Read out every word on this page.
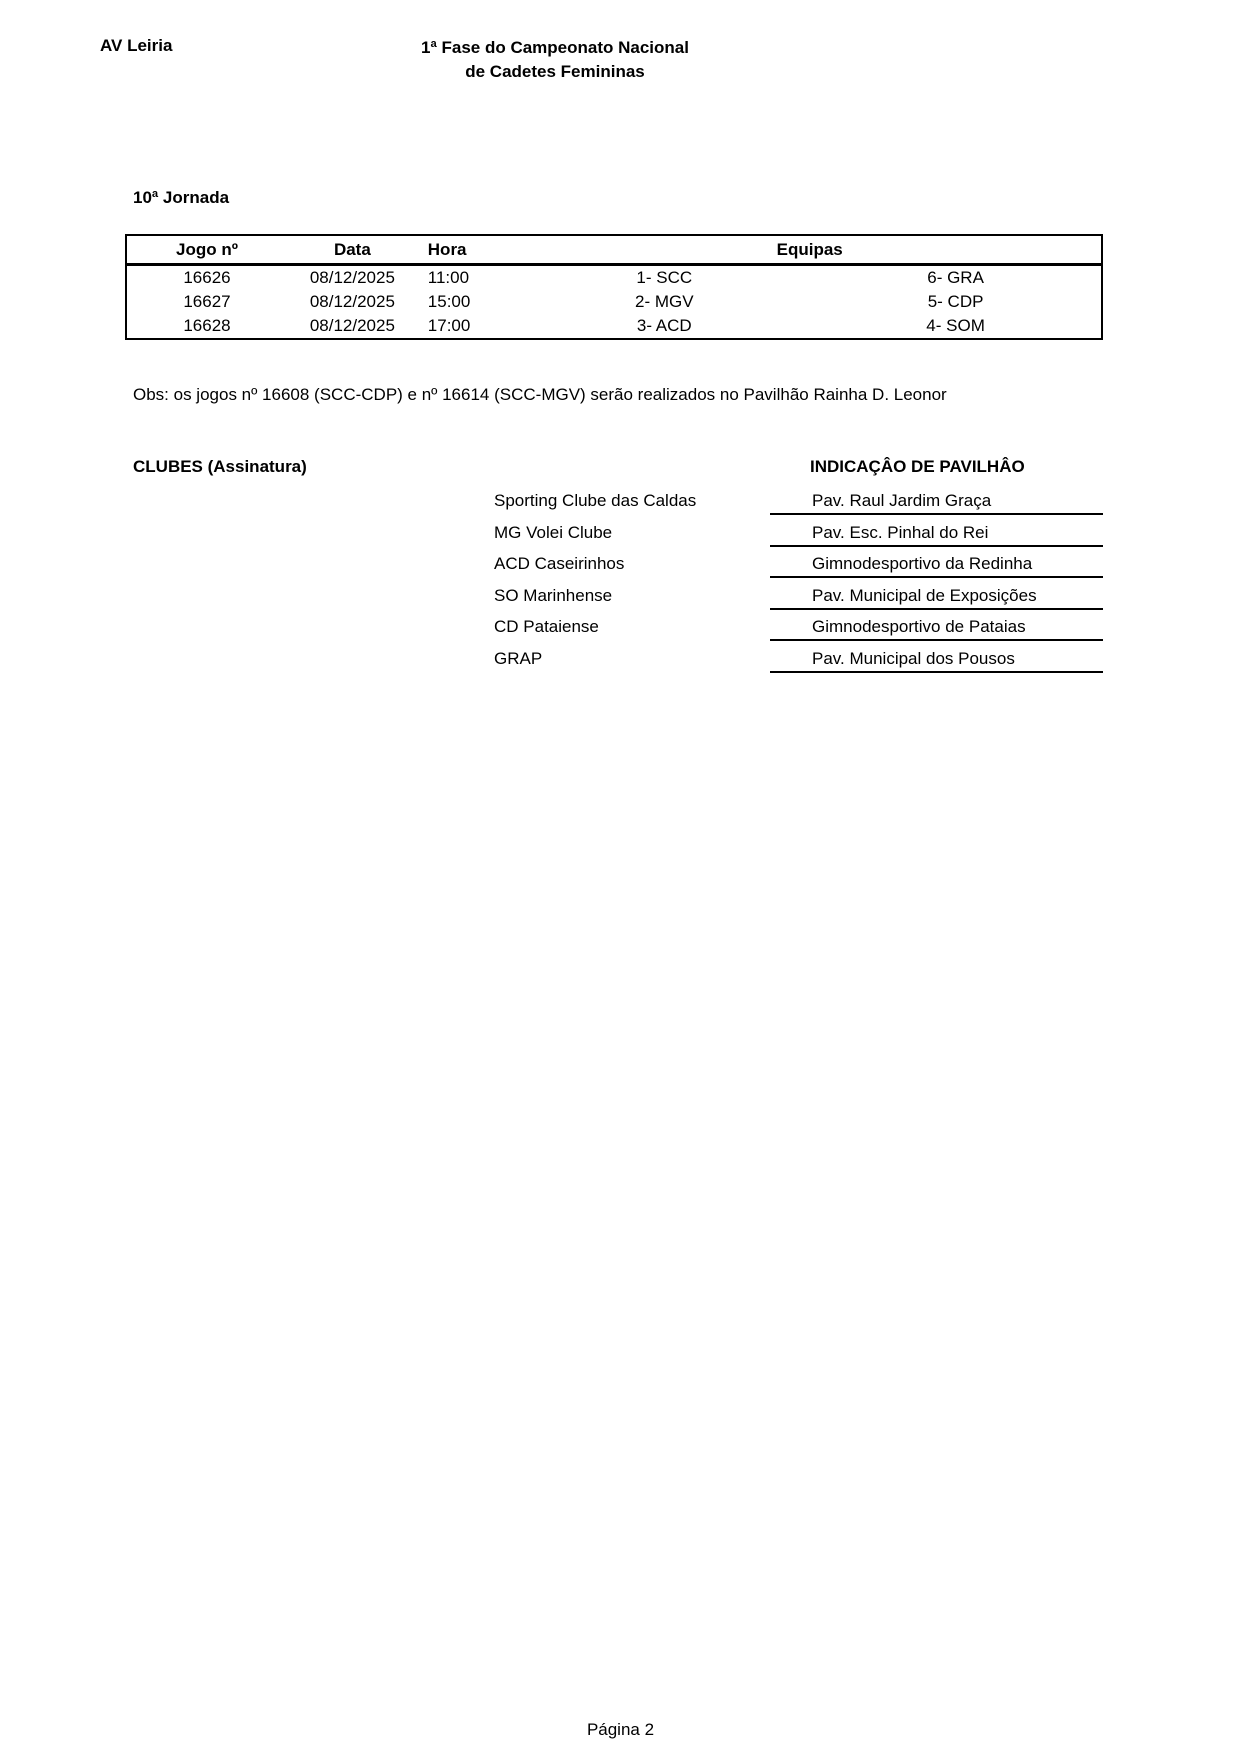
AV Leiria	1ª Fase do Campeonato Nacional
de Cadetes Femininas
10ª Jornada
Jogo nº	Data	Hora	Equipas	
16626	08/12/2025	11:00	1- SCC	6- GRA
16627	08/12/2025	15:00	2- MGV	5- CDP
16628	08/12/2025	17:00	3- ACD	4- SOM
Obs: os jogos nº 16608 (SCC-CDP) e nº 16614 (SCC-MGV) serão realizados no Pavilhão Rainha D. Leonor
CLUBES (Assinatura)	INDICAÇÂO DE PAVILHÂO
Sporting Clube das Caldas	Pav. Raul Jardim Graça
MG Volei Clube	Pav. Esc. Pinhal do Rei
ACD Caseirinhos	Gimnodesportivo da Redinha
SO Marinhense	Pav. Municipal de Exposições
CD Pataiense	Gimnodesportivo de Pataias
GRAP	Pav. Municipal dos Pousos
Página 2
